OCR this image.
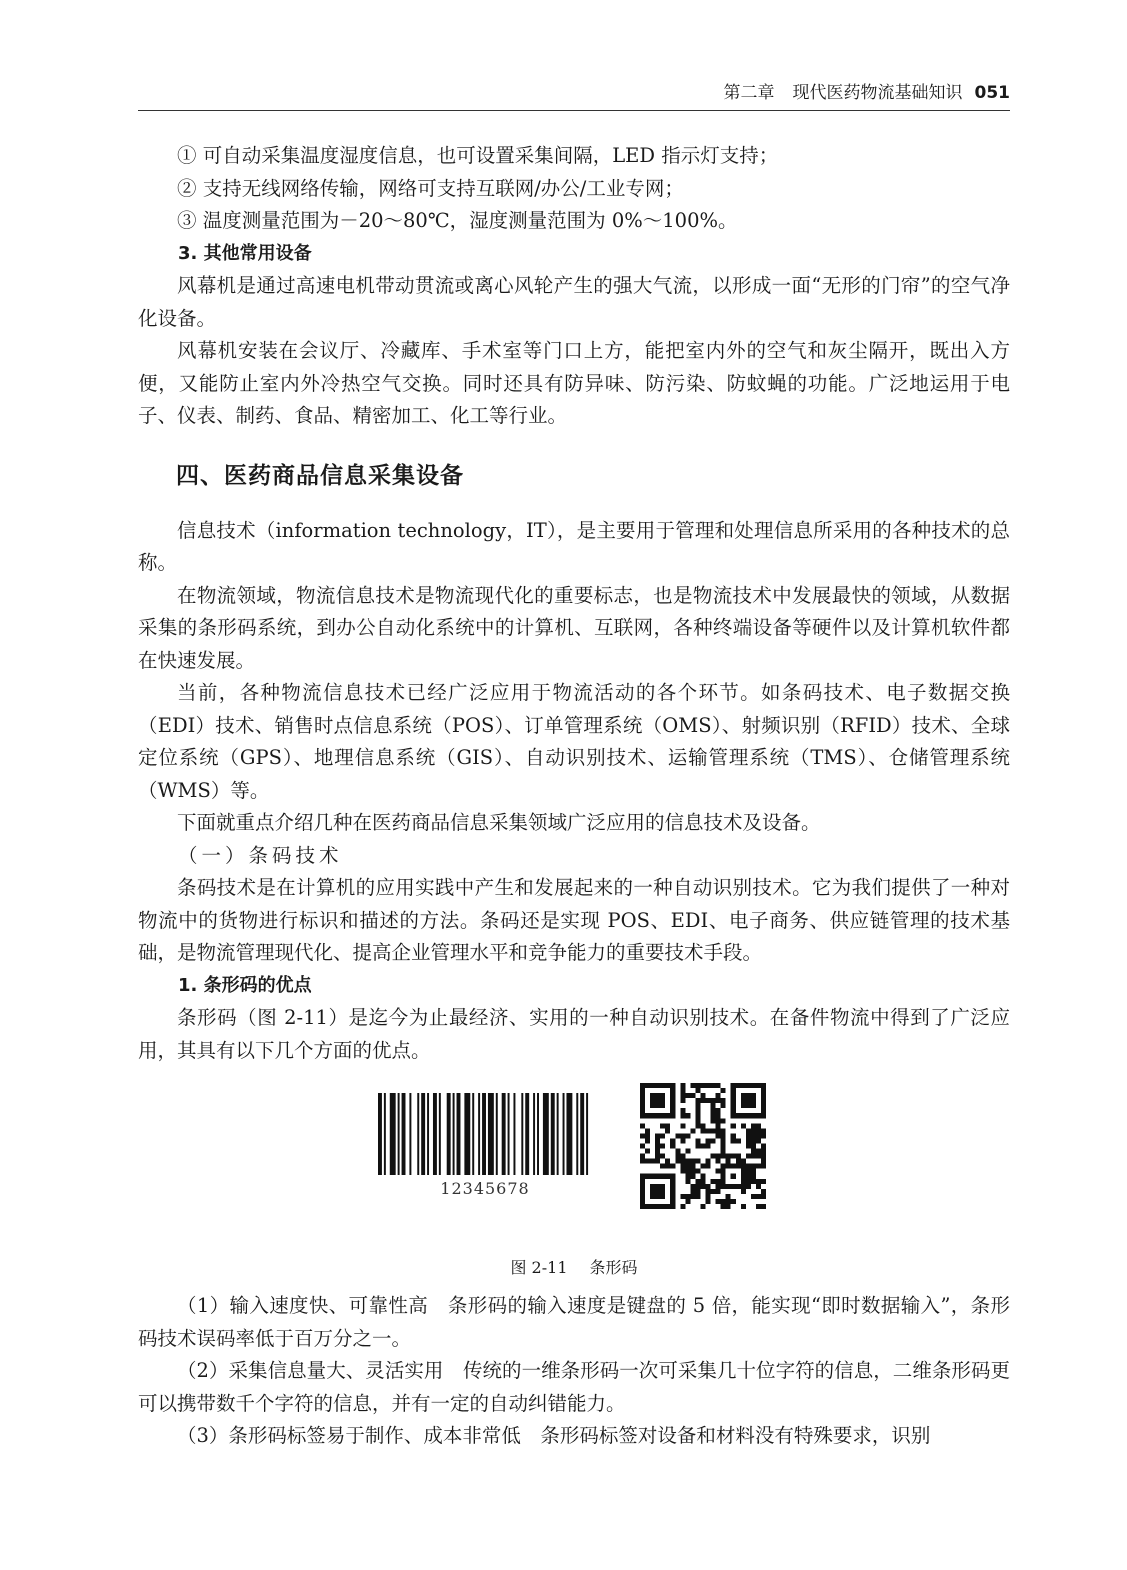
第二章 现代医药物流基础知识 051

① 可自动采集温度湿度信息，也可设置采集间隔，LED 指示灯支持；

② 支持无线网络传输，网络可支持互联网/办公/工业专网；

③ 温度测量范围为－20～80℃，湿度测量范围为 0%～100%。

3. 其他常用设备

风幕机是通过高速电机带动贯流或离心风轮产生的强大气流，以形成一面“无形的门帘”的空气净化设备。

风幕机安装在会议厅、冷藏库、手术室等门口上方，能把室内外的空气和灰尘隔开，既出入方便，又能防止室内外冷热空气交换。同时还具有防异味、防污染、防蚊蝇的功能。广泛地运用于电子、仪表、制药、食品、精密加工、化工等行业。

四、医药商品信息采集设备

信息技术（information technology，IT），是主要用于管理和处理信息所采用的各种技术的总称。

在物流领域，物流信息技术是物流现代化的重要标志，也是物流技术中发展最快的领域，从数据采集的条形码系统，到办公自动化系统中的计算机、互联网，各种终端设备等硬件以及计算机软件都在快速发展。

当前，各种物流信息技术已经广泛应用于物流活动的各个环节。如条码技术、电子数据交换（EDI）技术、销售时点信息系统（POS）、订单管理系统（OMS）、射频识别（RFID）技术、全球定位系统（GPS）、地理信息系统（GIS）、自动识别技术、运输管理系统（TMS）、仓储管理系统（WMS）等。

下面就重点介绍几种在医药商品信息采集领域广泛应用的信息技术及设备。

（一）条码技术

条码技术是在计算机的应用实践中产生和发展起来的一种自动识别技术。它为我们提供了一种对物流中的货物进行标识和描述的方法。条码还是实现 POS、EDI、电子商务、供应链管理的技术基础，是物流管理现代化、提高企业管理水平和竞争能力的重要技术手段。

1. 条形码的优点

条形码（图 2-11）是迄今为止最经济、实用的一种自动识别技术。在备件物流中得到了广泛应用，其具有以下几个方面的优点。

12345678
图 2-11 条形码

（1）输入速度快、可靠性高　条形码的输入速度是键盘的 5 倍，能实现“即时数据输入”，条形码技术误码率低于百万分之一。

（2）采集信息量大、灵活实用　传统的一维条形码一次可采集几十位字符的信息，二维条形码更可以携带数千个字符的信息，并有一定的自动纠错能力。

（3）条形码标签易于制作、成本非常低　条形码标签对设备和材料没有特殊要求，识别
